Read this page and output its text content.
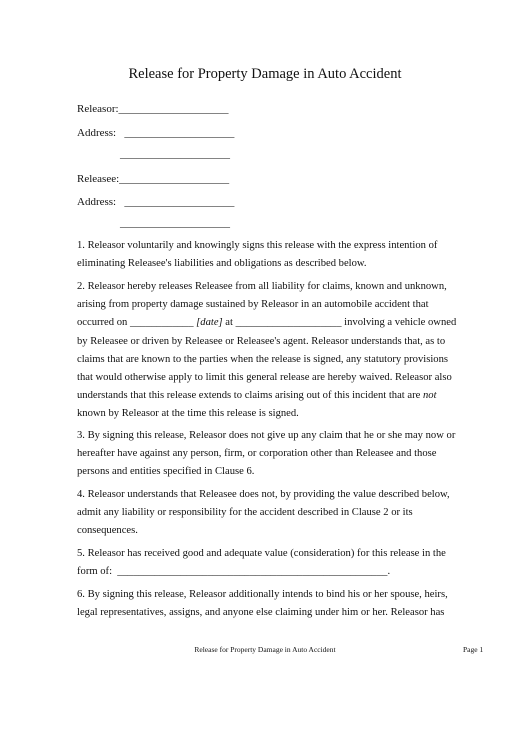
Release for Property Damage in Auto Accident
Releasor:____________________
Address:   ____________________
____________________
Releasee:____________________
Address:   ____________________
____________________
1. Releasor voluntarily and knowingly signs this release with the express intention of
eliminating Releasee's liabilities and obligations as described below.
2. Releasor hereby releases Releasee from all liability for claims, known and unknown,
arising from property damage sustained by Releasor in an automobile accident that
occurred on ____________ [date] at ____________________ involving a vehicle owned
by Releasee or driven by Releasee or Releasee's agent. Releasor understands that, as to
claims that are known to the parties when the release is signed, any statutory provisions
that would otherwise apply to limit this general release are hereby waived. Releasor also
understands that this release extends to claims arising out of this incident that are not
known by Releasor at the time this release is signed.
3. By signing this release, Releasor does not give up any claim that he or she may now or
hereafter have against any person, firm, or corporation other than Releasee and those
persons and entities specified in Clause 6.
4. Releasor understands that Releasee does not, by providing the value described below,
admit any liability or responsibility for the accident described in Clause 2 or its
consequences.
5. Releasor has received good and adequate value (consideration) for this release in the
form of:  ___________________________________________________.
6. By signing this release, Releasor additionally intends to bind his or her spouse, heirs,
legal representatives, assigns, and anyone else claiming under him or her. Releasor has
Release for Property Damage in Auto Accident	Page 1
